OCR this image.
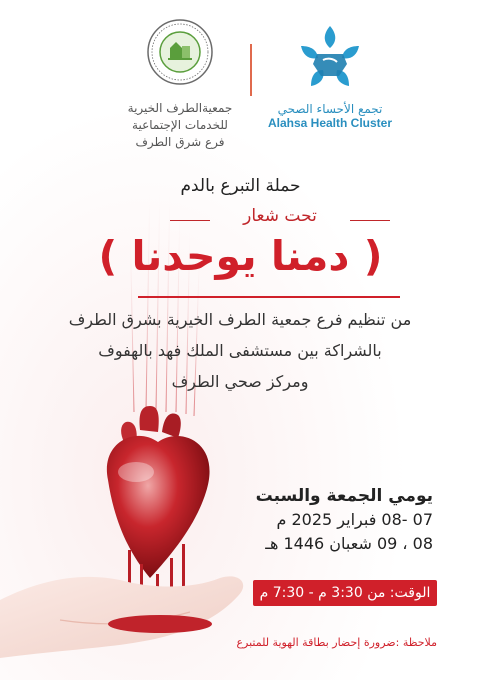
جمعيةالطرف الخيرية
للخدمات الإجتماعية
فرع شرق الطرف
تجمع الأحساء الصحي
Alahsa Health Cluster
حملة التبرع بالدم
تحت شعار
( دمنا يوحدنا )
من تنظيم فرع جمعية الطرف الخيرية بشرق الطرف
بالشراكة بين مستشفى الملك فهد بالهفوف
ومركز صحي الطرف
يومي الجمعة والسبت
07 -08 فبراير 2025 م
08 ، 09 شعبان 1446 هـ
الوقت: من 3:30 م - 7:30 م
ملاحظة :ضرورة إحضار بطاقة الهوية للمتبرع
